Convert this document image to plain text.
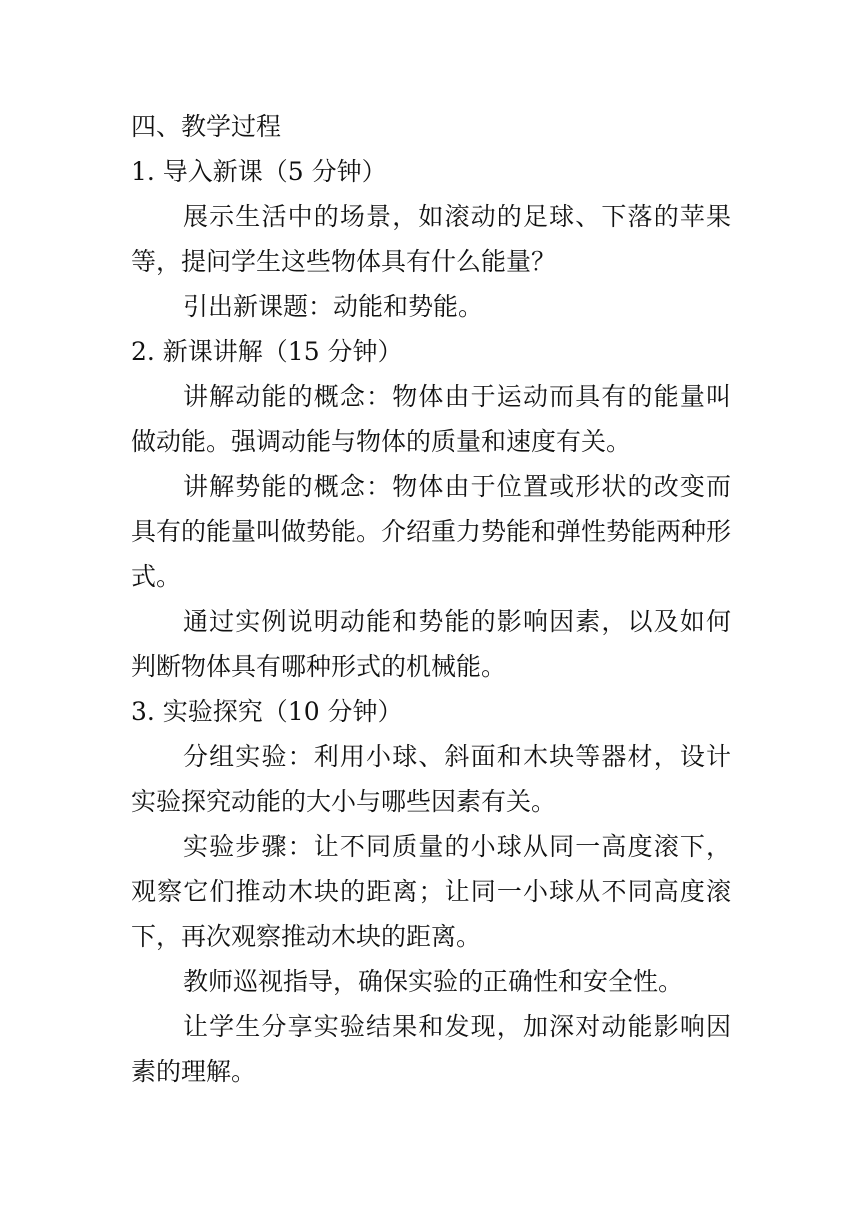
四、教学过程

1. 导入新课（5 分钟）

展示生活中的场景，如滚动的足球、下落的苹果等，提问学生这些物体具有什么能量？

引出新课题：动能和势能。

2. 新课讲解（15 分钟）

讲解动能的概念：物体由于运动而具有的能量叫做动能。强调动能与物体的质量和速度有关。

讲解势能的概念：物体由于位置或形状的改变而具有的能量叫做势能。介绍重力势能和弹性势能两种形式。

通过实例说明动能和势能的影响因素，以及如何判断物体具有哪种形式的机械能。

3. 实验探究（10 分钟）

分组实验：利用小球、斜面和木块等器材，设计实验探究动能的大小与哪些因素有关。

实验步骤：让不同质量的小球从同一高度滚下，观察它们推动木块的距离；让同一小球从不同高度滚下，再次观察推动木块的距离。

教师巡视指导，确保实验的正确性和安全性。

让学生分享实验结果和发现，加深对动能影响因素的理解。
